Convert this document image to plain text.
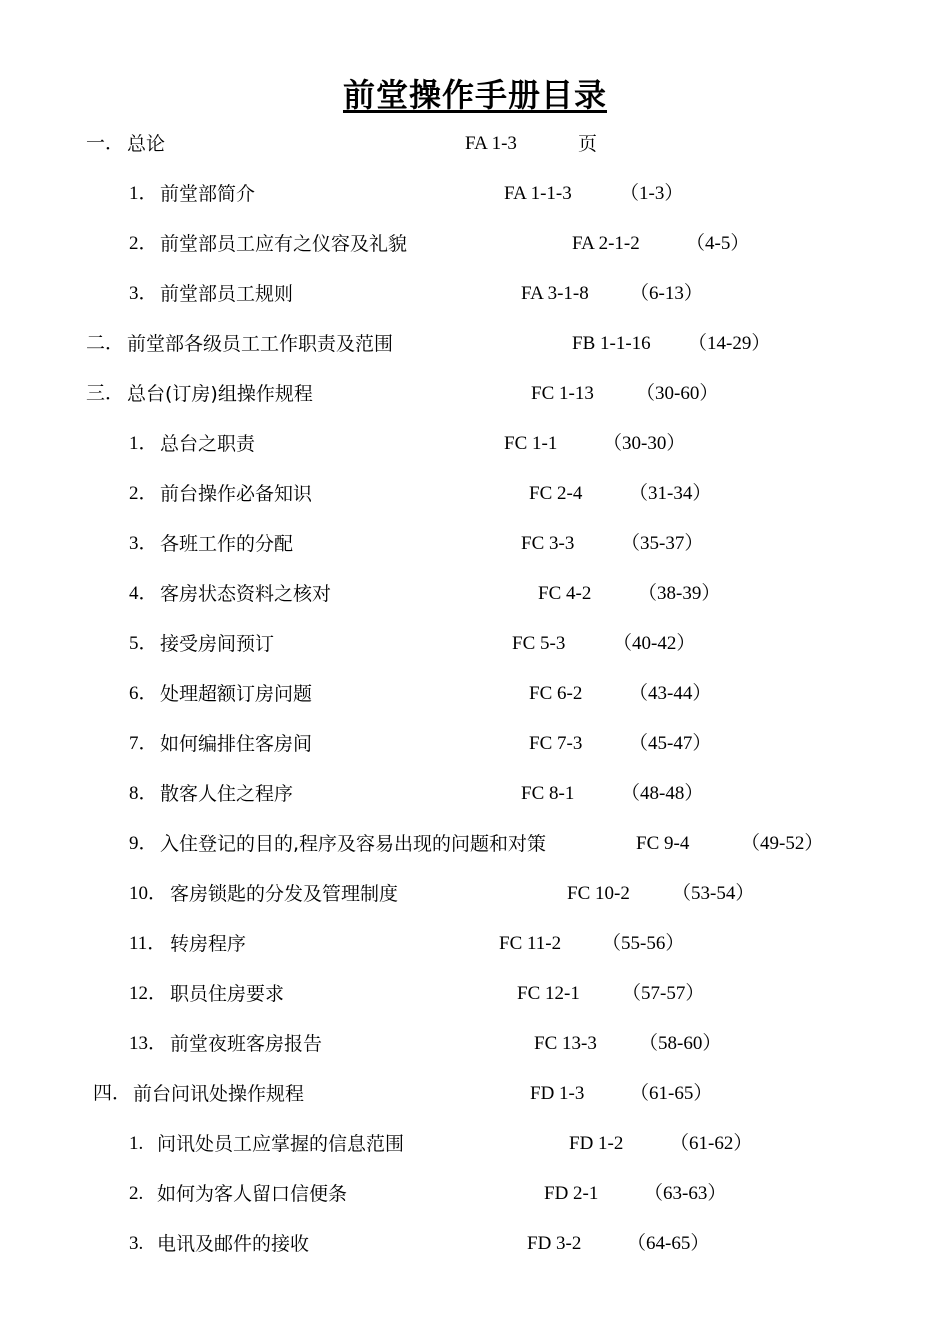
前堂操作手册目录
一． 总论	FA 1-3	页
1． 前堂部简介	FA 1-1-3	（1-3）
2． 前堂部员工应有之仪容及礼貌	FA 2-1-2 （4-5）
3． 前堂部员工规则	FA 3-1-8 （6-13）
二． 前堂部各级员工工作职责及范围	FB 1-1-16 （14-29）
三． 总台(订房)组操作规程	FC 1-13 （30-60）
1． 总台之职责	FC 1-1 （30-30）
2． 前台操作必备知识	FC 2-4 （31-34）
3． 各班工作的分配	FC 3-3 （35-37）
4． 客房状态资料之核对	FC 4-2 （38-39）
5． 接受房间预订	FC 5-3	（40-42）
6． 处理超额订房问题	FC 6-2 （43-44）
7． 如何编排住客房间	FC 7-3 （45-47）
8． 散客人住之程序	FC 8-1 （48-48）
9． 入住登记的目的,程序及容易出现的问题和对策	FC 9-4	（49-52）
10． 客房锁匙的分发及管理制度	FC 10-2 （53-54）
11． 转房程序	FC 11-2 （55-56）
12． 职员住房要求	FC 12-1 （57-57）
13． 前堂夜班客房报告	FC 13-3 （58-60）
四． 前台问讯处操作规程	FD 1-3 （61-65）
1. 问讯处员工应掌握的信息范围	FD 1-2 （61-62）
2. 如何为客人留口信便条	FD 2-1 （63-63）
3. 电讯及邮件的接收	FD 3-2 （64-65）
